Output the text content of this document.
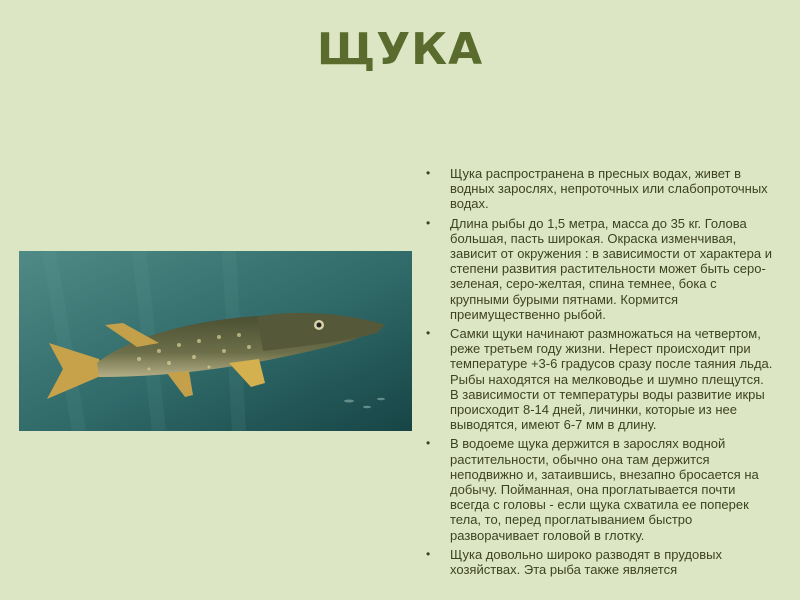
ЩУКА
• Щука распространена в пресных водах, живет в водных зарослях, непроточных или слабопроточных водах.
• Длина рыбы до 1,5 метра, масса до 35 кг. Голова большая, пасть широкая. Окраска изменчивая, зависит от окружения : в зависимости от характера и степени развития растительности может быть серо-зеленая, серо-желтая, спина темнее, бока с крупными бурыми пятнами. Кормится преимущественно рыбой.
• Самки щуки начинают размножаться на четвертом, реже третьем году жизни. Нерест происходит при температуре +3-6 градусов сразу после таяния льда. Рыбы находятся на мелководье и шумно плещутся. В зависимости от температуры воды развитие икры происходит 8-14 дней, личинки, которые из нее выводятся, имеют 6-7 мм в длину.
• В водоеме щука держится в зарослях водной растительности, обычно она там держится неподвижно и, затаившись, внезапно бросается на добычу. Пойманная, она проглатывается почти всегда с головы - если щука схватила ее поперек тела, то, перед проглатыванием быстро разворачивает головой в глотку.
• Щука довольно широко разводят в прудовых хозяйствах. Эта рыба также является
